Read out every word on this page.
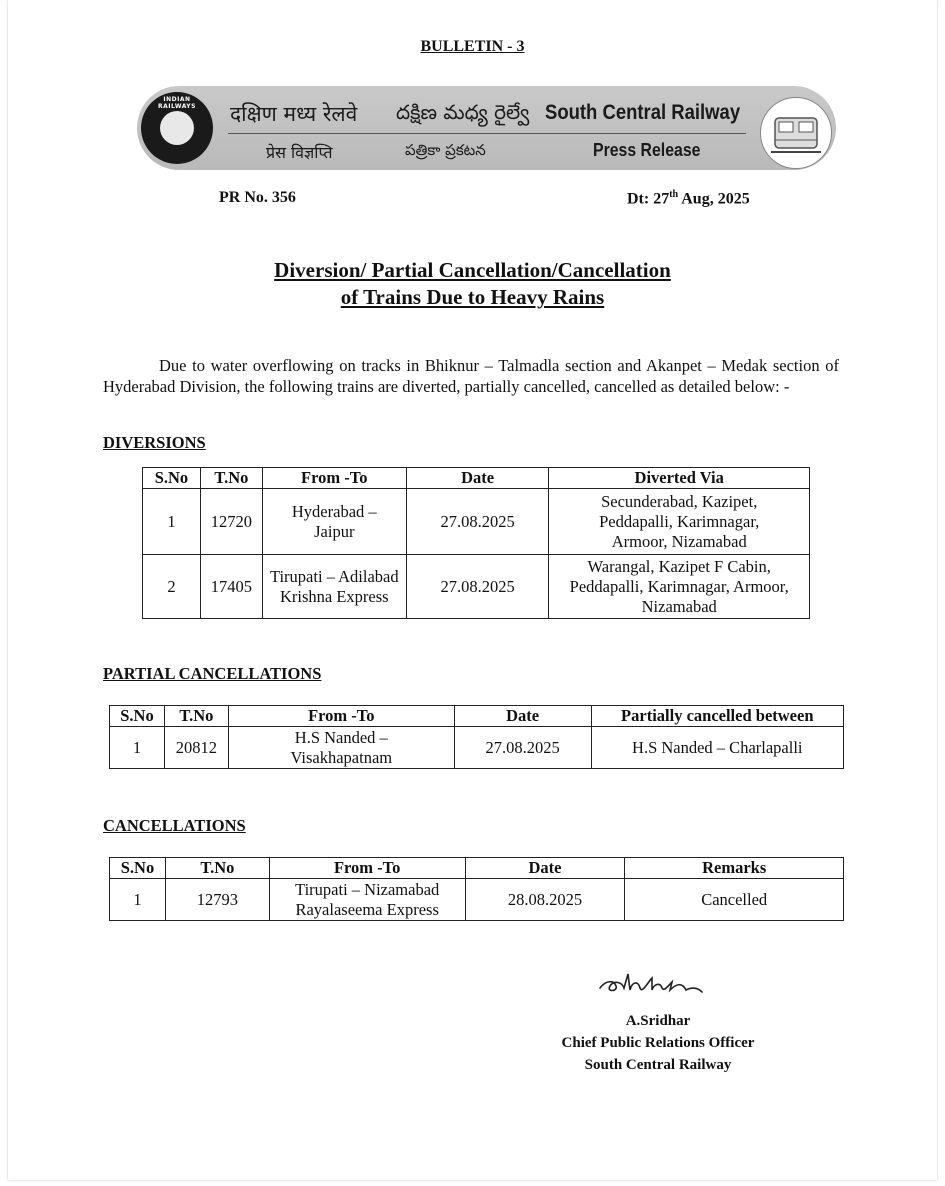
BULLETIN - 3
INDIAN RAILWAYS	दक्षिण मध्य रेलवे దక్షిణ మధ్య రైల్వే South Central Railway
प्रेस विज्ञप्ति	పత్రికా ప్రకటన	Press Release
PR No. 356	Dt: 27th Aug, 2025
Diversion/ Partial Cancellation/Cancellation
of Trains Due to Heavy Rains
Due to water overflowing on tracks in Bhiknur – Talmadla section and Akanpet – Medak section of Hyderabad Division, the following trains are diverted, partially cancelled, cancelled as detailed below: -
DIVERSIONS
S.No	T.No	From -To	Date	Diverted Via
1	12720	Hyderabad – Jaipur	27.08.2025	Secunderabad, Kazipet, Peddapalli, Karimnagar, Armoor, Nizamabad
2	17405	Tirupati – Adilabad Krishna Express	27.08.2025	Warangal, Kazipet F Cabin, Peddapalli, Karimnagar, Armoor, Nizamabad
PARTIAL CANCELLATIONS
S.No	T.No	From -To	Date	Partially cancelled between
1	20812	H.S Nanded – Visakhapatnam	27.08.2025	H.S Nanded – Charlapalli
CANCELLATIONS
S.No	T.No	From -To	Date	Remarks
1	12793	Tirupati – Nizamabad Rayalaseema Express	28.08.2025	Cancelled
A.Sridhar
Chief Public Relations Officer
South Central Railway
